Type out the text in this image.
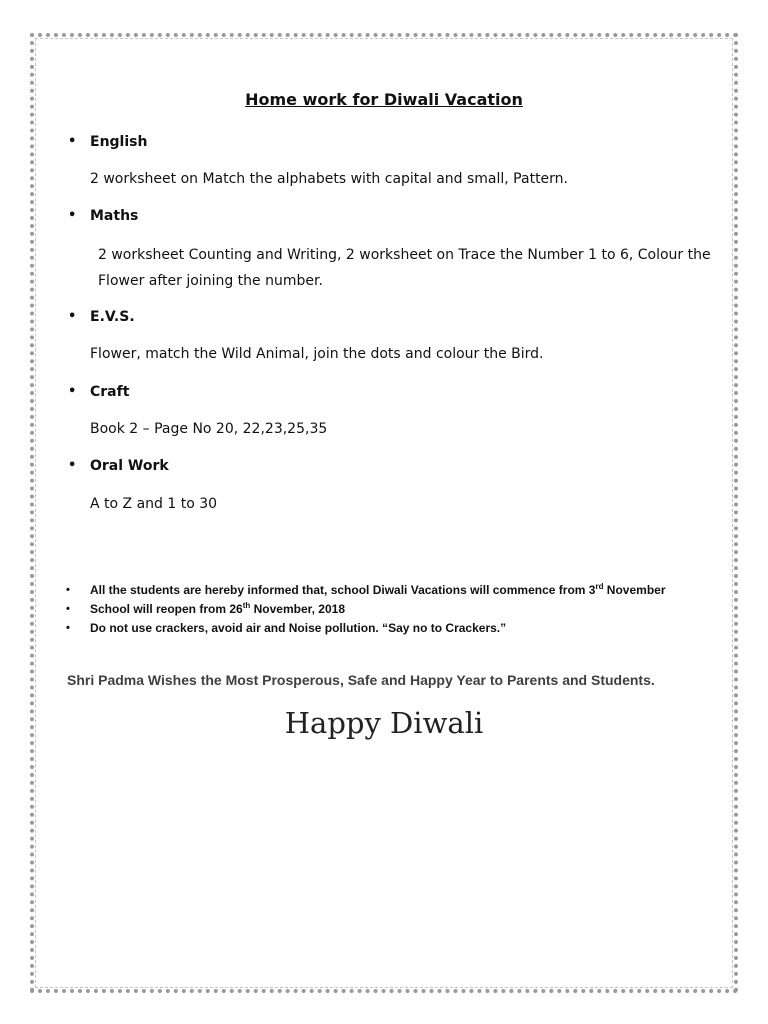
Home work for Diwali Vacation
• English
2 worksheet on Match the alphabets with capital and small, Pattern.
• Maths
2 worksheet Counting and Writing, 2 worksheet on Trace the Number 1 to 6, Colour the Flower after joining the number.
• E.V.S.
Flower, match the Wild Animal, join the dots and colour the Bird.
• Craft
Book 2 – Page No 20, 22,23,25,35
• Oral Work
A to Z and 1 to 30
• All the students are hereby informed that, school Diwali Vacations will commence from 3rd November
• School will reopen from 26th November, 2018
• Do not use crackers, avoid air and Noise pollution. “Say no to Crackers.”
Shri Padma Wishes the Most Prosperous, Safe and Happy Year to Parents and Students.
Happy Diwali
